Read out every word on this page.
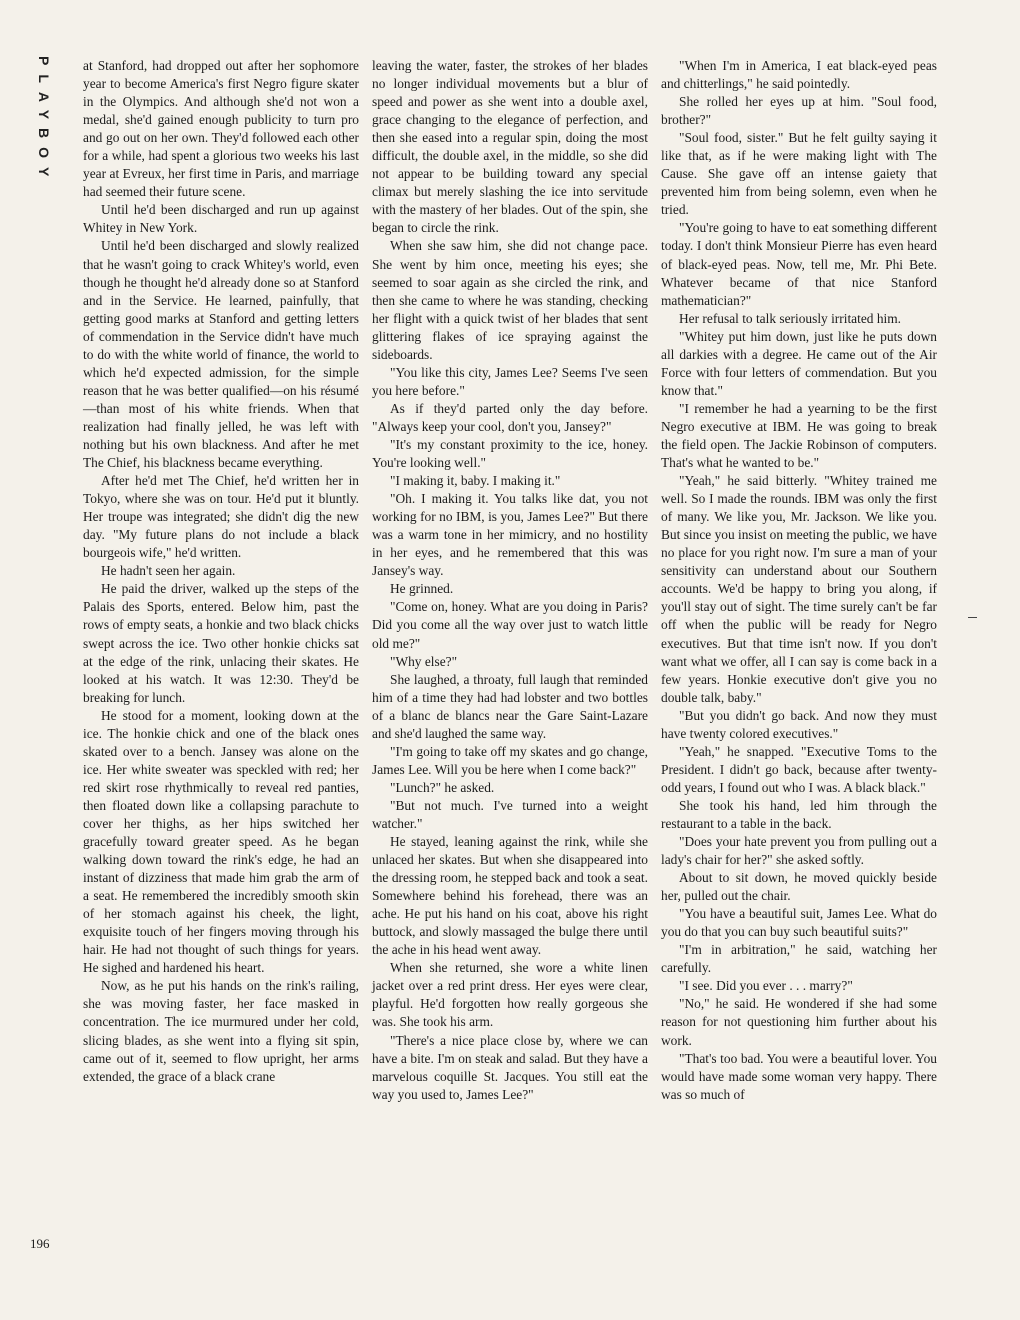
PLAYBOY at Stanford, had dropped out after her sophomore year to become America's first Negro figure skater in the Olympics. And although she'd not won a medal, she'd gained enough publicity to turn pro and go out on her own. They'd followed each other for a while, had spent a glorious two weeks his last year at Evreux, her first time in Paris, and marriage had seemed their future scene.

Until he'd been discharged and run up against Whitey in New York.

Until he'd been discharged and slowly realized that he wasn't going to crack Whitey's world, even though he thought he'd already done so at Stanford and in the Service. He learned, painfully, that getting good marks at Stanford and getting letters of commendation in the Service didn't have much to do with the white world of finance, the world to which he'd expected admission, for the simple reason that he was better qualified—on his résumé—than most of his white friends. When that realization had finally jelled, he was left with nothing but his own blackness. And after he met The Chief, his blackness became everything.

After he'd met The Chief, he'd written her in Tokyo, where she was on tour. He'd put it bluntly. Her troupe was integrated; she didn't dig the new day. "My future plans do not include a black bourgeois wife," he'd written.

He hadn't seen her again.

He paid the driver, walked up the steps of the Palais des Sports, entered. Below him, past the rows of empty seats, a honkie and two black chicks swept across the ice. Two other honkie chicks sat at the edge of the rink, unlacing their skates. He looked at his watch. It was 12:30. They'd be breaking for lunch.

He stood for a moment, looking down at the ice. The honkie chick and one of the black ones skated over to a bench. Jansey was alone on the ice. Her white sweater was speckled with red; her red skirt rose rhythmically to reveal red panties, then floated down like a collapsing parachute to cover her thighs, as her hips switched her gracefully toward greater speed. As he began walking down toward the rink's edge, he had an instant of dizziness that made him grab the arm of a seat. He remembered the incredibly smooth skin of her stomach against his cheek, the light, exquisite touch of her fingers moving through his hair. He had not thought of such things for years. He sighed and hardened his heart.

Now, as he put his hands on the rink's railing, she was moving faster, her face masked in concentration. The ice murmured under her cold, slicing blades, as she went into a flying sit spin, came out of it, seemed to flow upright, her arms extended, the grace of a black crane

leaving the water, faster, the strokes of her blades no longer individual movements but a blur of speed and power as she went into a double axel, grace changing to the elegance of perfection, and then she eased into a regular spin, doing the most difficult, the double axel, in the middle, so she did not appear to be building toward any special climax but merely slashing the ice into servitude with the mastery of her blades. Out of the spin, she began to circle the rink.

When she saw him, she did not change pace. She went by him once, meeting his eyes; she seemed to soar again as she circled the rink, and then she came to where he was standing, checking her flight with a quick twist of her blades that sent glittering flakes of ice spraying against the sideboards.

"You like this city, James Lee? Seems I've seen you here before."

As if they'd parted only the day before. "Always keep your cool, don't you, Jansey?"

"It's my constant proximity to the ice, honey. You're looking well."

"I making it, baby. I making it."

"Oh. I making it. You talks like dat, you not working for no IBM, is you, James Lee?" But there was a warm tone in her mimicry, and no hostility in her eyes, and he remembered that this was Jansey's way.

He grinned.

"Come on, honey. What are you doing in Paris? Did you come all the way over just to watch little old me?"

"Why else?"

She laughed, a throaty, full laugh that reminded him of a time they had had lobster and two bottles of a blanc de blancs near the Gare Saint-Lazare and she'd laughed the same way.

"I'm going to take off my skates and go change, James Lee. Will you be here when I come back?"

"Lunch?" he asked.

"But not much. I've turned into a weight watcher."

He stayed, leaning against the rink, while she unlaced her skates. But when she disappeared into the dressing room, he stepped back and took a seat. Somewhere behind his forehead, there was an ache. He put his hand on his coat, above his right buttock, and slowly massaged the bulge there until the ache in his head went away.

When she returned, she wore a white linen jacket over a red print dress. Her eyes were clear, playful. He'd forgotten how really gorgeous she was. She took his arm.

"There's a nice place close by, where we can have a bite. I'm on steak and salad. But they have a marvelous coquille St. Jacques. You still eat the way you used to, James Lee?"

"When I'm in America, I eat black-eyed peas and chitterlings," he said pointedly.

She rolled her eyes up at him. "Soul food, brother?"

"Soul food, sister." But he felt guilty saying it like that, as if he were making light with The Cause. She gave off an intense gaiety that prevented him from being solemn, even when he tried.

"You're going to have to eat something different today. I don't think Monsieur Pierre has even heard of black-eyed peas. Now, tell me, Mr. Phi Bete. Whatever became of that nice Stanford mathematician?"

Her refusal to talk seriously irritated him.

"Whitey put him down, just like he puts down all darkies with a degree. He came out of the Air Force with four letters of commendation. But you know that."

"I remember he had a yearning to be the first Negro executive at IBM. He was going to break the field open. The Jackie Robinson of computers. That's what he wanted to be."

"Yeah," he said bitterly. "Whitey trained me well. So I made the rounds. IBM was only the first of many. We like you, Mr. Jackson. We like you. But since you insist on meeting the public, we have no place for you right now. I'm sure a man of your sensitivity can understand about our Southern accounts. We'd be happy to bring you along, if you'll stay out of sight. The time surely can't be far off when the public will be ready for Negro executives. But that time isn't now. If you don't want what we offer, all I can say is come back in a few years. Honkie executive don't give you no double talk, baby."

"But you didn't go back. And now they must have twenty colored executives."

"Yeah," he snapped. "Executive Toms to the President. I didn't go back, because after twenty-odd years, I found out who I was. A black black."

She took his hand, led him through the restaurant to a table in the back.

"Does your hate prevent you from pulling out a lady's chair for her?" she asked softly.

About to sit down, he moved quickly beside her, pulled out the chair.

"You have a beautiful suit, James Lee. What do you do that you can buy such beautiful suits?"

"I'm in arbitration," he said, watching her carefully.

"I see. Did you ever . . . marry?"

"No," he said. He wondered if she had some reason for not questioning him further about his work.

"That's too bad. You were a beautiful lover. You would have made some woman very happy. There was so much of

196
